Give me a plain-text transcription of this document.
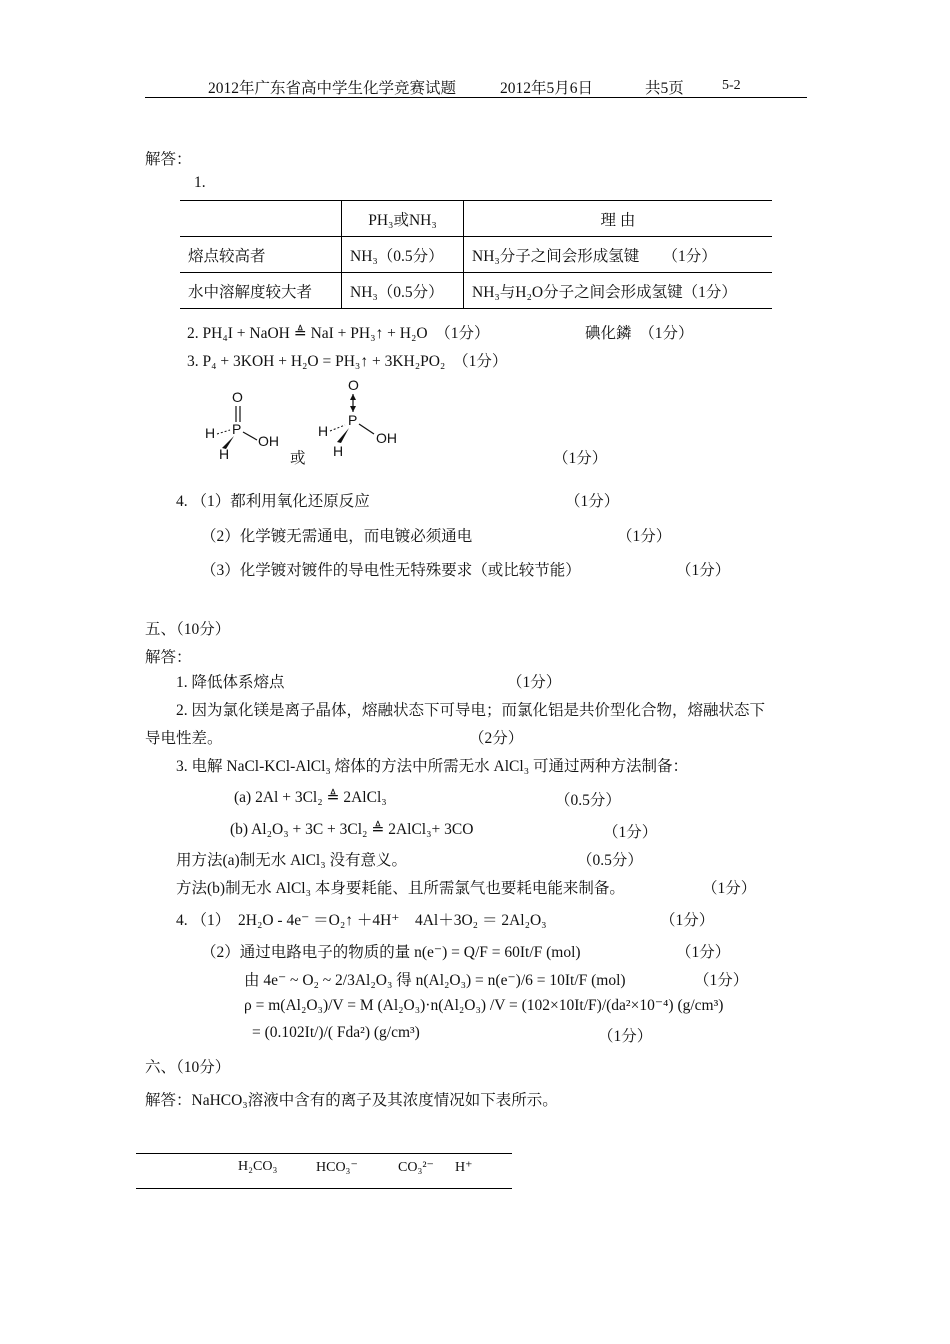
2012年广东省高中学生化学竞赛试题	2012年5月6日	共5页	5-2
解答：
1.
	PH₃或NH₃	理 由
熔点较高者	NH₃（0.5分）	NH₃分子之间会形成氢键　　（1分）
水中溶解度较大者	NH₃（0.5分）	NH₃与H₂O分子之间会形成氢键（1分）
2. PH₄I + NaOH ≜ NaI + PH₃↑ + H₂O　（1分）	碘化鏻　（1分）
3. P₄ + 3KOH + H₂O = PH₃↑ + 3KH₂PO₂　（1分）
O
P
H	OH
H
O
P
H	OH
H
或	（1分）
4. （1）都利用氧化还原反应	（1分）
（2）化学镀无需通电，而电镀必须通电	（1分）
（3）化学镀对镀件的导电性无特殊要求（或比较节能）	（1分）
五、（10分）
解答：
1. 降低体系熔点	（1分）
2. 因为氯化镁是离子晶体，熔融状态下可导电；而氯化铝是共价型化合物，熔融状态下
导电性差。	（2分）
3. 电解 NaCl-KCl-AlCl₃ 熔体的方法中所需无水 AlCl₃ 可通过两种方法制备：
(a) 2Al + 3Cl₂ ≜ 2AlCl₃	（0.5分）
(b) Al₂O₃ + 3C + 3Cl₂ ≜ 2AlCl₃+ 3CO	（1分）
用方法(a)制无水 AlCl₃ 没有意义。	（0.5分）
方法(b)制无水 AlCl₃ 本身要耗能、且所需氯气也要耗电能来制备。	（1分）
4. （1）　2H₂O - 4e⁻ ＝O₂↑ ＋4H⁺　4Al＋3O₂ ＝ 2Al₂O₃	（1分）
（2）通过电路电子的物质的量 n(e⁻) = Q/F = 60It/F (mol)	（1分）
由 4e⁻ ~ O₂ ~ 2/3Al₂O₃ 得 n(Al₂O₃) = n(e⁻)/6 = 10It/F (mol)	（1分）
ρ = m(Al₂O₃)/V = M (Al₂O₃)·n(Al₂O₃) /V = (102×10It/F)/(da²×10⁻⁴) (g/cm³)
= (0.102It/)/( Fda²) (g/cm³)	（1分）
六、（10分）
解答：NaHCO₃溶液中含有的离子及其浓度情况如下表所示。
H₂CO₃	HCO₃⁻	CO₃²⁻ H⁺
